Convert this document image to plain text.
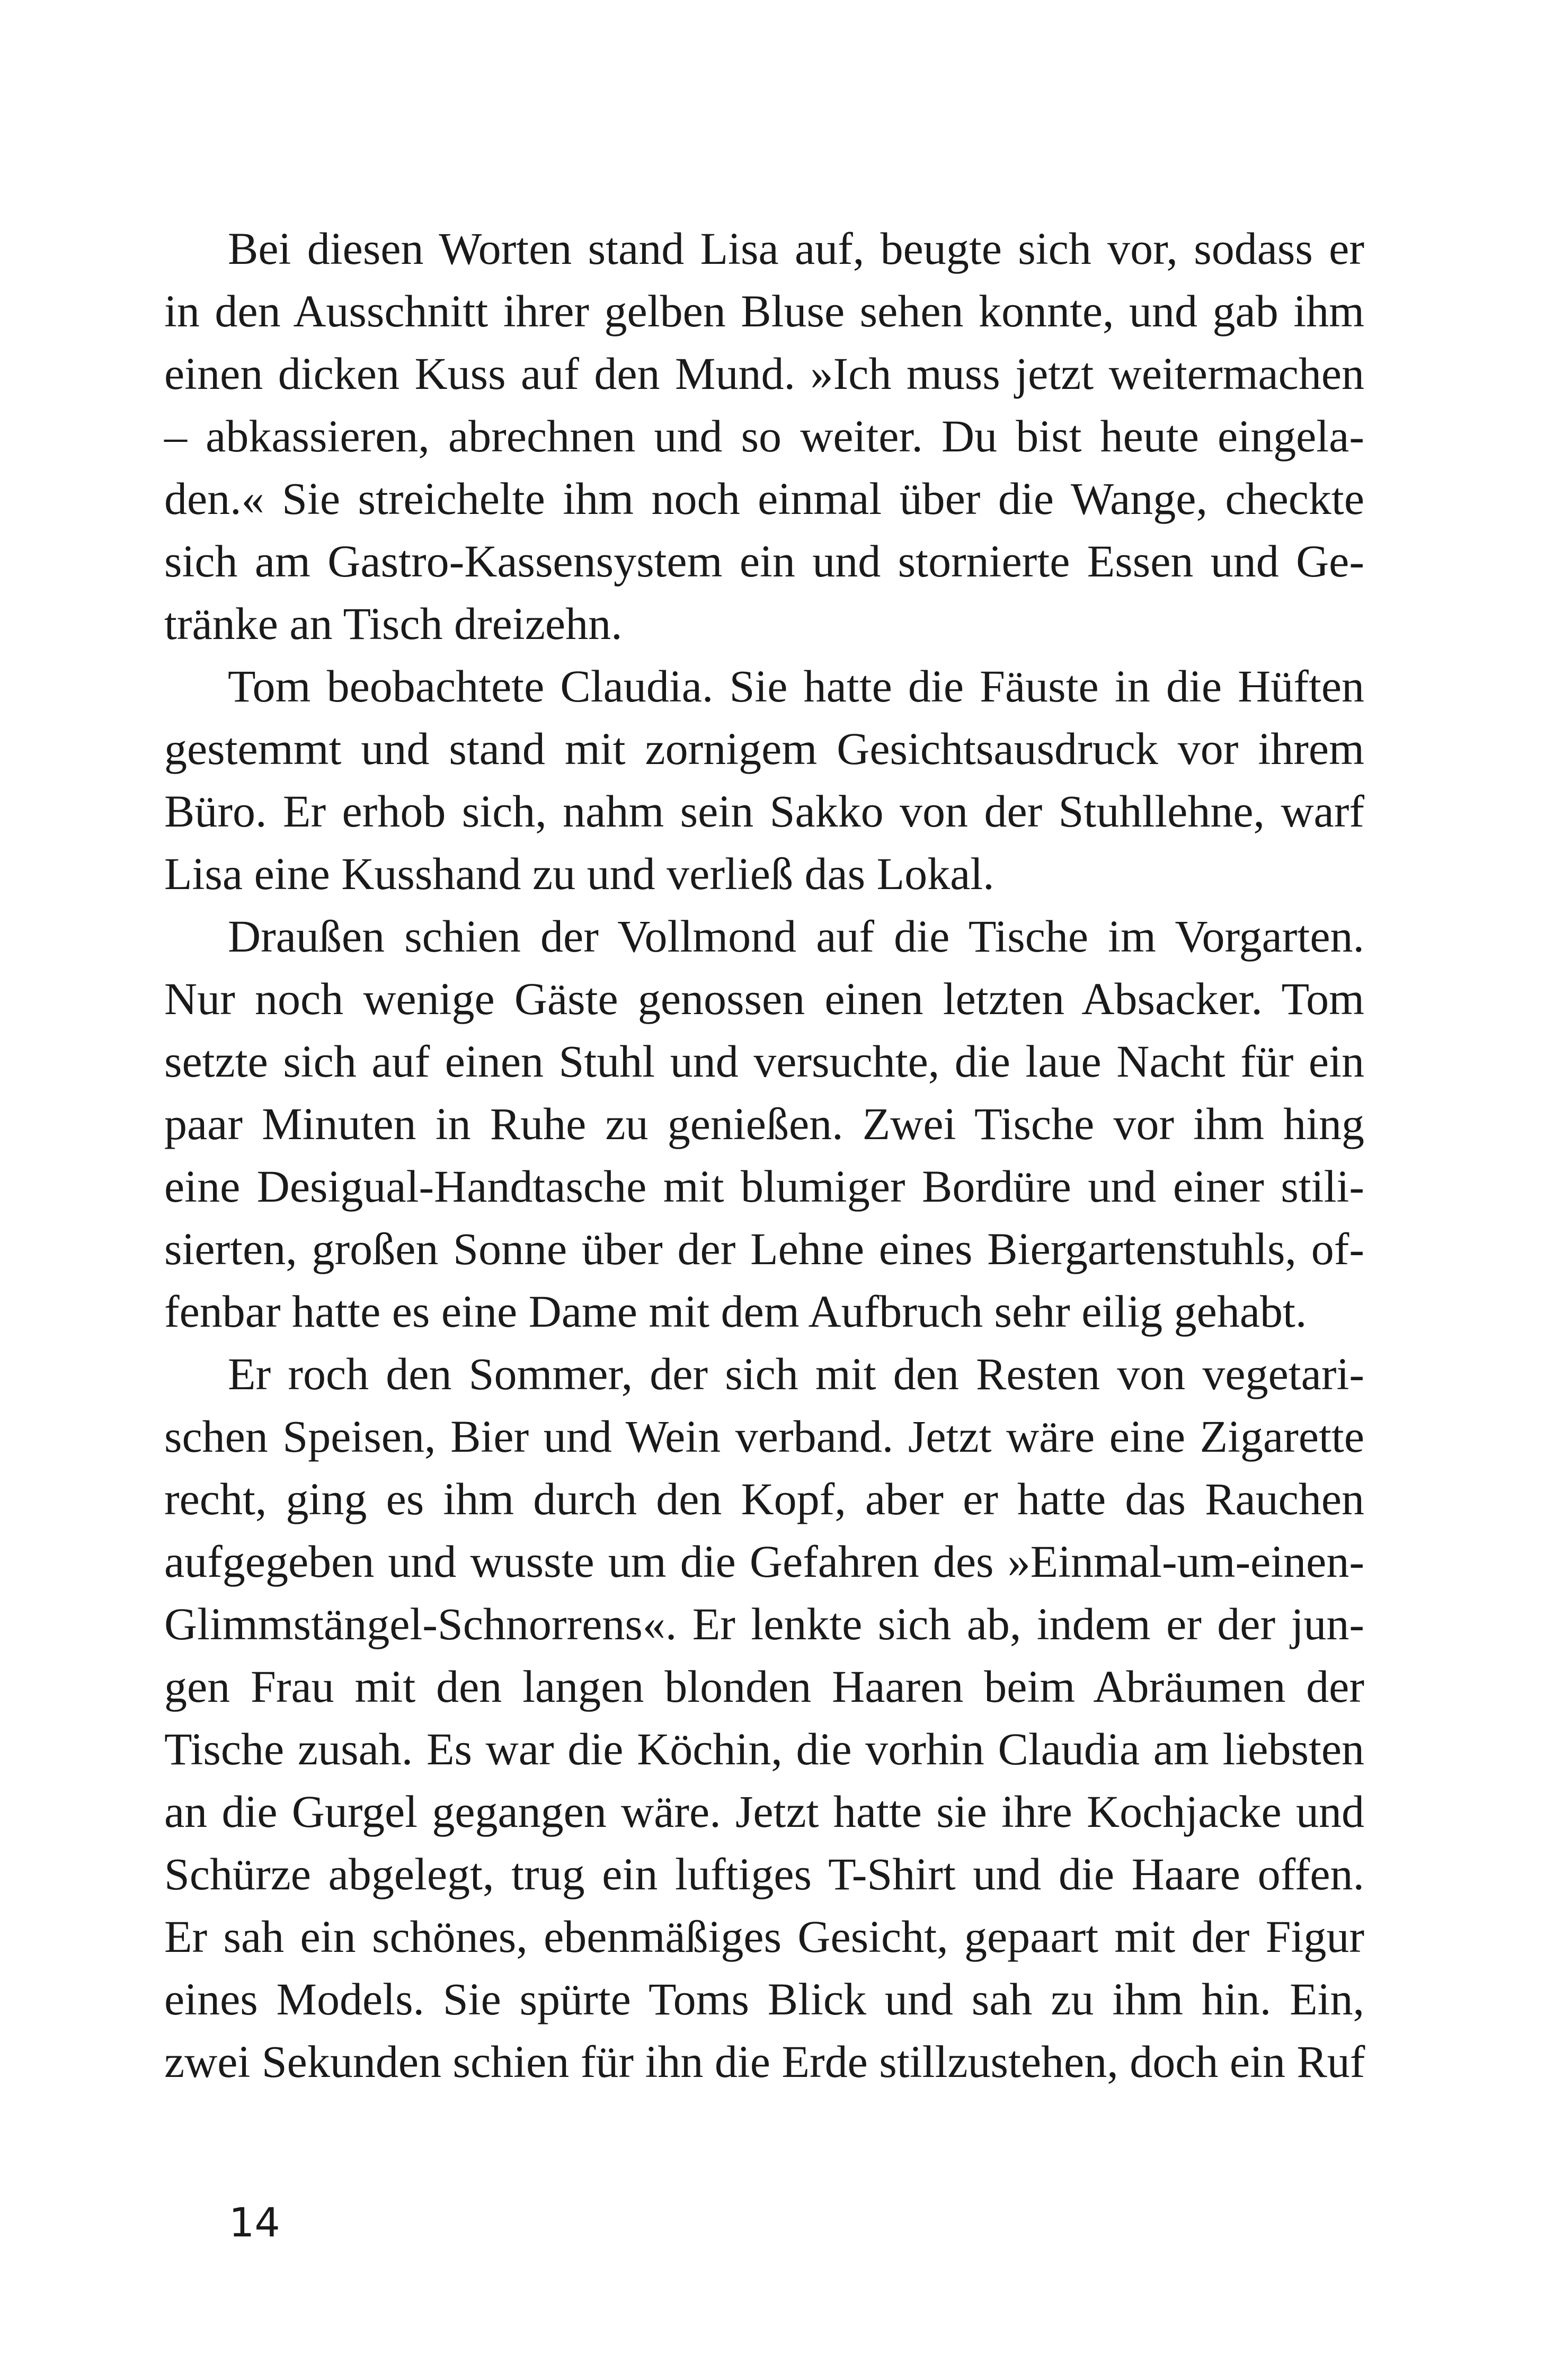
Bei diesen Worten stand Lisa auf, beugte sich vor, sodass er
in den Ausschnitt ihrer gelben Bluse sehen konnte, und gab ihm
einen dicken Kuss auf den Mund. »Ich muss jetzt weitermachen
– abkassieren, abrechnen und so weiter. Du bist heute eingela-
den.« Sie streichelte ihm noch einmal über die Wange, checkte
sich am Gastro-Kassensystem ein und stornierte Essen und Ge-
tränke an Tisch dreizehn.
Tom beobachtete Claudia. Sie hatte die Fäuste in die Hüften
gestemmt und stand mit zornigem Gesichtsausdruck vor ihrem
Büro. Er erhob sich, nahm sein Sakko von der Stuhllehne, warf
Lisa eine Kusshand zu und verließ das Lokal.
Draußen schien der Vollmond auf die Tische im Vorgarten.
Nur noch wenige Gäste genossen einen letzten Absacker. Tom
setzte sich auf einen Stuhl und versuchte, die laue Nacht für ein
paar Minuten in Ruhe zu genießen. Zwei Tische vor ihm hing
eine Desigual-Handtasche mit blumiger Bordüre und einer stili-
sierten, großen Sonne über der Lehne eines Biergartenstuhls, of-
fenbar hatte es eine Dame mit dem Aufbruch sehr eilig gehabt.
Er roch den Sommer, der sich mit den Resten von vegetari-
schen Speisen, Bier und Wein verband. Jetzt wäre eine Zigarette
recht, ging es ihm durch den Kopf, aber er hatte das Rauchen
aufgegeben und wusste um die Gefahren des »Einmal-um-einen-
Glimmstängel-Schnorrens«. Er lenkte sich ab, indem er der jun-
gen Frau mit den langen blonden Haaren beim Abräumen der
Tische zusah. Es war die Köchin, die vorhin Claudia am liebsten
an die Gurgel gegangen wäre. Jetzt hatte sie ihre Kochjacke und
Schürze abgelegt, trug ein luftiges T-Shirt und die Haare offen.
Er sah ein schönes, ebenmäßiges Gesicht, gepaart mit der Figur
eines Models. Sie spürte Toms Blick und sah zu ihm hin. Ein,
zwei Sekunden schien für ihn die Erde stillzustehen, doch ein Ruf
14
